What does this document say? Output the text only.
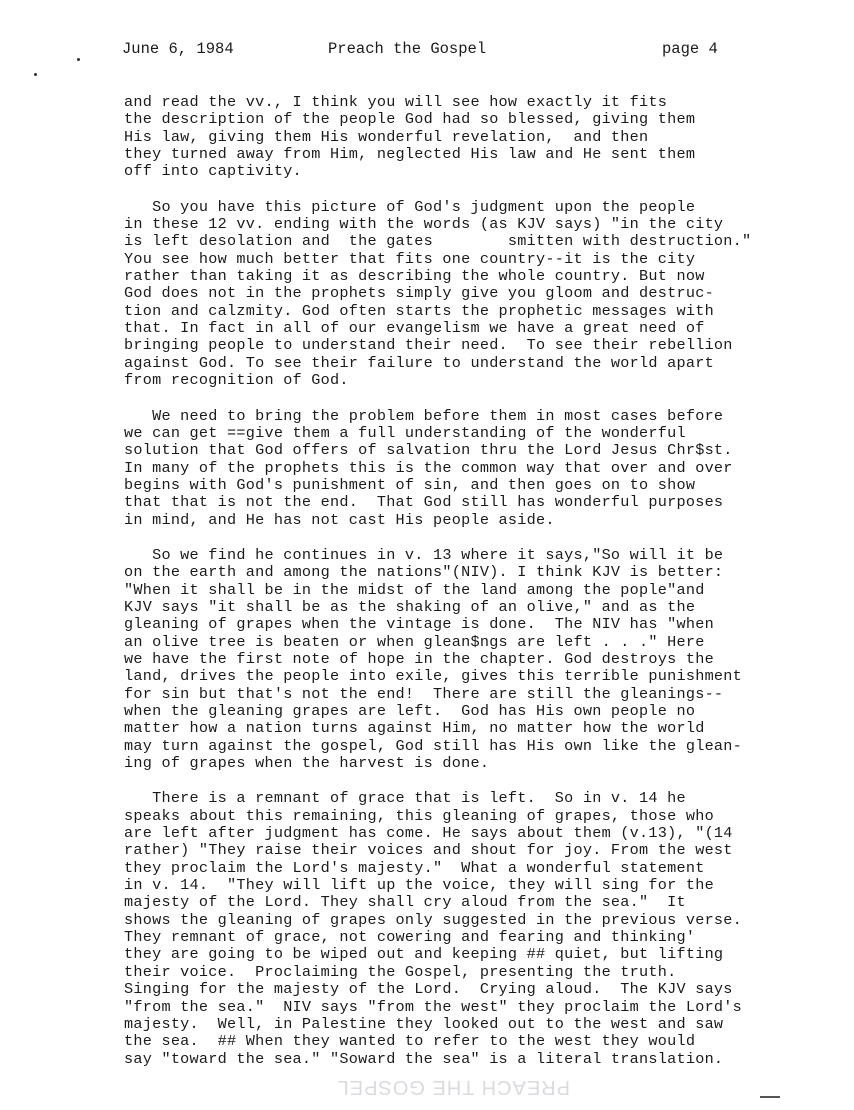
June 6, 1984	Preach the Gospel	page 4
and read the vv., I think you will see how exactly it fits
the description of the people God had so blessed, giving them
His law, giving them His wonderful revelation,  and then
they turned away from Him, neglected His law and He sent them
off into captivity.
So you have this picture of God's judgment upon the people
in these 12 vv. ending with the words (as KJV says) "in the city
is left desolation and  the gates        smitten with destruction."
You see how much better that fits one country--it is the city
rather than taking it as describing the whole country. But now
God does not in the prophets simply give you gloom and destruc-
tion and calzmity. God often starts the prophetic messages with
that. In fact in all of our evangelism we have a great need of
bringing people to understand their need.  To see their rebellion
against God. To see their failure to understand the world apart
from recognition of God.
We need to bring the problem before them in most cases before
we can get ==give them a full understanding of the wonderful
solution that God offers of salvation thru the Lord Jesus Chr$st.
In many of the prophets this is the common way that over and over
begins with God's punishment of sin, and then goes on to show
that that is not the end.  That God still has wonderful purposes
in mind, and He has not cast His people aside.
So we find he continues in v. 13 where it says,"So will it be
on the earth and among the nations"(NIV). I think KJV is better:
"When it shall be in the midst of the land among the pople"and
KJV says "it shall be as the shaking of an olive," and as the
gleaning of grapes when the vintage is done.  The NIV has "when
an olive tree is beaten or when glean$ngs are left . . ." Here
we have the first note of hope in the chapter. God destroys the
land, drives the people into exile, gives this terrible punishment
for sin but that's not the end!  There are still the gleanings--
when the gleaning grapes are left.  God has His own people no
matter how a nation turns against Him, no matter how the world
may turn against the gospel, God still has His own like the glean-
ing of grapes when the harvest is done.
There is a remnant of grace that is left.  So in v. 14 he
speaks about this remaining, this gleaning of grapes, those who
are left after judgment has come. He says about them (v.13), "(14
rather) "They raise their voices and shout for joy. From the west
they proclaim the Lord's majesty."  What a wonderful statement
in v. 14.  "They will lift up the voice, they will sing for the
majesty of the Lord. They shall cry aloud from the sea."  It
shows the gleaning of grapes only suggested in the previous verse.
They remnant of grace, not cowering and fearing and thinking'
they are going to be wiped out and keeping ## quiet, but lifting
their voice.  Proclaiming the Gospel, presenting the truth.
Singing for the majesty of the Lord.  Crying aloud.  The KJV says
"from the sea."  NIV says "from the west" they proclaim the Lord's
majesty.  Well, in Palestine they looked out to the west and saw
the sea.  ## When they wanted to refer to the west they would
say "toward the sea." "Soward the sea" is a literal translation.
PREACH THE GOSPEL
